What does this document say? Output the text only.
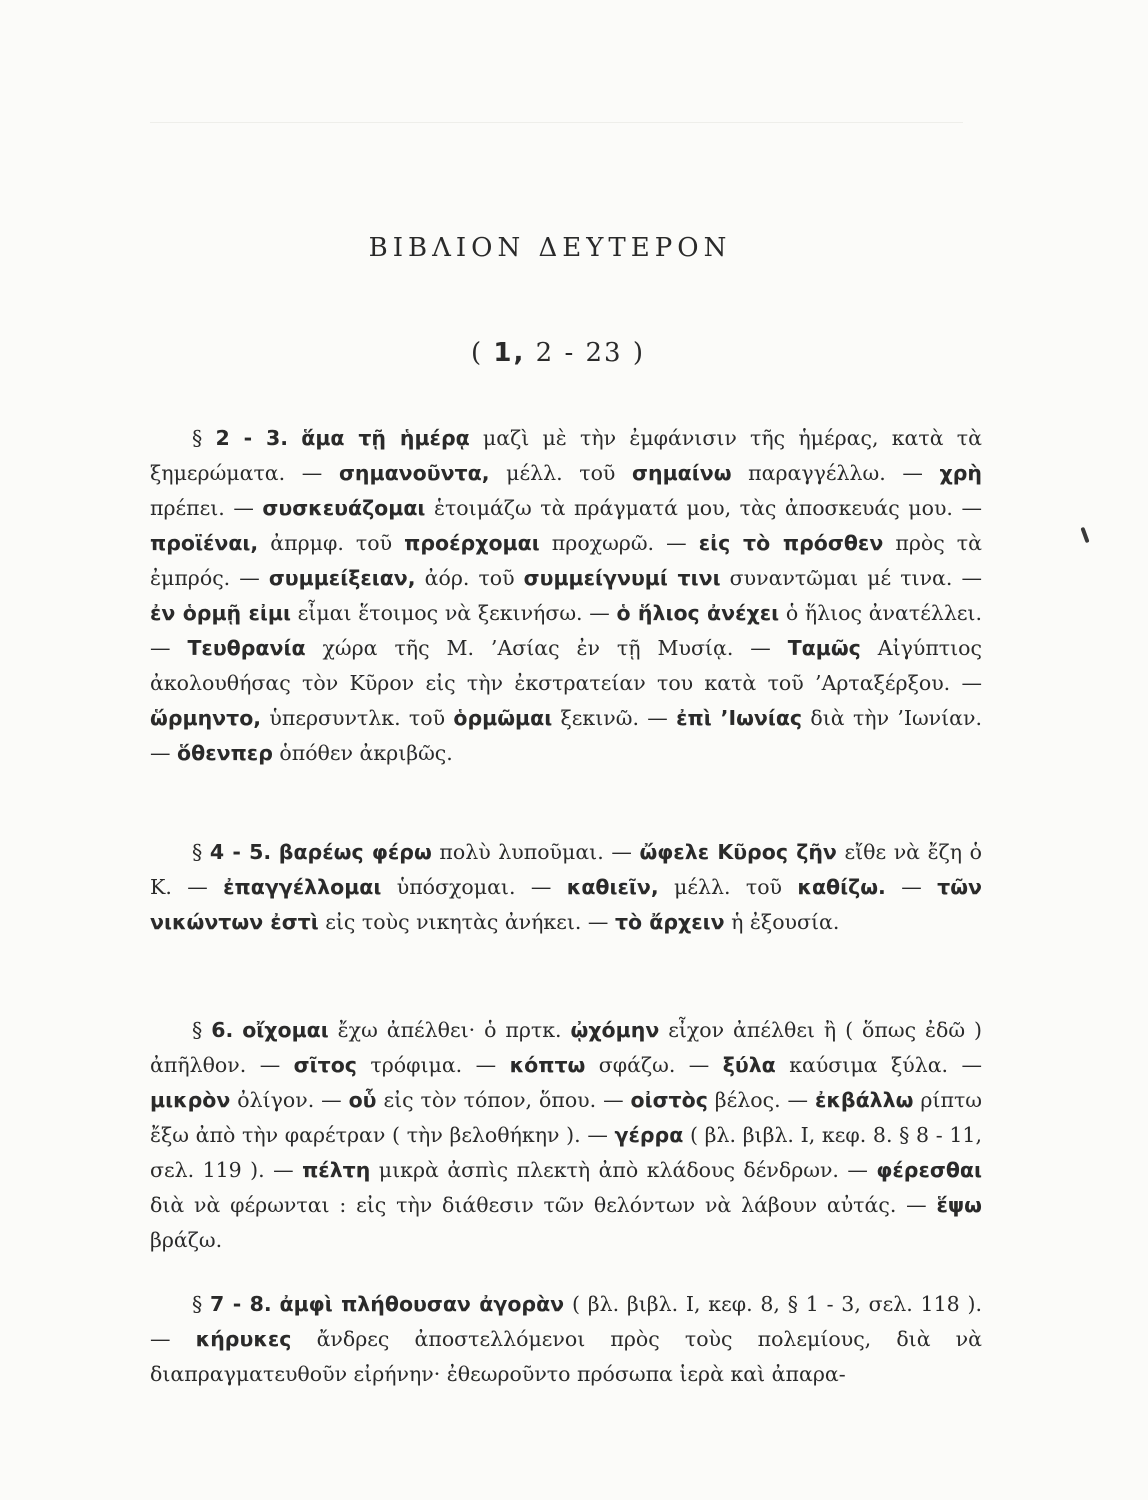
ΒΙΒΛΙΟΝ ΔΕΥΤΕΡΟΝ
( 1, 2 - 23 )

§ 2 - 3. ἅμα τῇ ἡμέρᾳ μαζὶ μὲ τὴν ἐμφάνισιν τῆς ἡμέρας, κατὰ τὰ ξημερώματα. — σημανοῦντα, μέλλ. τοῦ σημαίνω παραγγέλλω. — χρὴ πρέπει. — συσκευάζομαι ἑτοιμάζω τὰ πράγματά μου, τὰς ἀποσκευάς μου. — προϊέναι, ἀπρμφ. τοῦ προέρχομαι προχωρῶ. — εἰς τὸ πρόσθεν πρὸς τὰ ἐμπρός. — συμμείξειαν, ἀόρ. τοῦ συμμείγνυμί τινι συναντῶμαι μέ τινα. — ἐν ὁρμῇ εἰμι εἶμαι ἕτοιμος νὰ ξεκινήσω. — ὁ ἥλιος ἀνέχει ὁ ἥλιος ἀνατέλλει. — Τευθρανία χώρα τῆς Μ. ’Ασίας ἐν τῇ Μυσίᾳ. — Ταμῶς Αἰγύπτιος ἀκολουθήσας τὸν Κῦρον εἰς τὴν ἐκστρατείαν του κατὰ τοῦ ’Αρταξέρξου. — ὥρμηντο, ὑπερσυντλκ. τοῦ ὁρμῶμαι ξεκινῶ. — ἐπὶ ’Ιωνίας διὰ τὴν ’Ιωνίαν. — ὅθενπερ ὁπόθεν ἀκριβῶς.

§ 4 - 5. βαρέως φέρω πολὺ λυποῦμαι. — ὤφελε Κῦρος ζῆν εἴθε νὰ ἔζη ὁ Κ. — ἐπαγγέλλομαι ὑπόσχομαι. — καθιεῖν, μέλλ. τοῦ καθίζω. — τῶν νικώντων ἐστὶ εἰς τοὺς νικητὰς ἀνήκει. — τὸ ἄρχειν ἡ ἐξουσία.

§ 6. οἴχομαι ἔχω ἀπέλθει· ὁ πρτκ. ᾠχόμην εἶχον ἀπέλθει ἢ ( ὅπως ἐδῶ ) ἀπῆλθον. — σῖτος τρόφιμα. — κόπτω σφάζω. — ξύλα καύσιμα ξύλα. — μικρὸν ὀλίγον. — οὗ εἰς τὸν τόπον, ὅπου. — οἰστὸς βέλος. — ἐκβάλλω ρίπτω ἔξω ἀπὸ τὴν φαρέτραν ( τὴν βελοθήκην ). — γέρρα ( βλ. βιβλ. Ι, κεφ. 8. § 8 - 11, σελ. 119 ). — πέλτη μικρὰ ἀσπὶς πλεκτὴ ἀπὸ κλάδους δένδρων. — φέρεσθαι διὰ νὰ φέρωνται : εἰς τὴν διάθεσιν τῶν θελόντων νὰ λάβουν αὐτάς. — ἕψω βράζω.

§ 7 - 8. ἀμφὶ πλήθουσαν ἀγορὰν ( βλ. βιβλ. Ι, κεφ. 8, § 1 - 3, σελ. 118 ). — κήρυκες ἄνδρες ἀποστελλόμενοι πρὸς τοὺς πολεμίους, διὰ νὰ διαπραγματευθοῦν εἰρήνην· ἐθεωροῦντο πρόσωπα ἱερὰ καὶ ἀπαρα-
